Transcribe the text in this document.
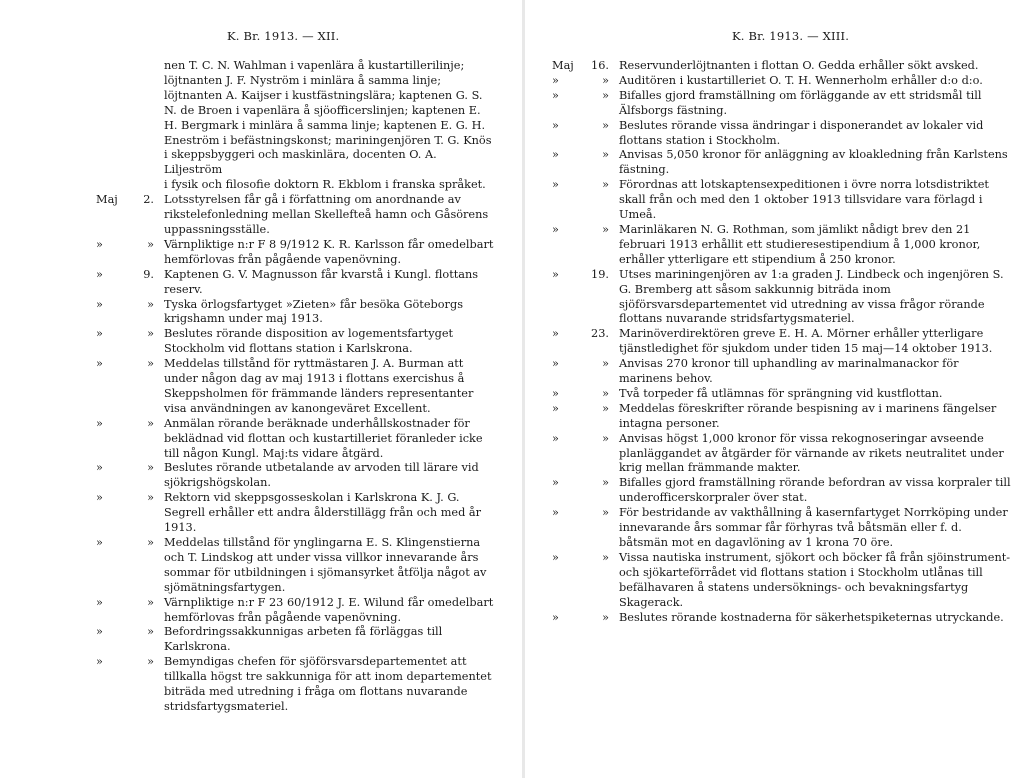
K. Br. 1913. — XII.
nen T. C. N. Wahlman i vapenlära å kustartillerilinje;
löjtnanten J. F. Nyström i minlära å samma linje;
löjtnanten A. Kaijser i kustfästningslära; kaptenen G. S.
N. de Broen i vapenlära å sjöofficerslinjen; kaptenen E.
H. Bergmark i minlära å samma linje; kaptenen E. G. H.
Eneström i befästningskonst; mariningenjören T. G. Knös
i skeppsbyggeri och maskinlära, docenten O. A. Liljeström
i fysik och filosofie doktorn R. Ekblom i franska språket.
Maj	2. Lotsstyrelsen får gå i författning om anordnande av rikstelefonledning mellan Skellefteå hamn och Gåsörens uppassningsställe.
»	» Värnpliktige n:r F 8 9/1912 K. R. Karlsson får omedelbart hemförlovas från pågående vapenövning.
»	9. Kaptenen G. V. Magnusson får kvarstå i Kungl. flottans reserv.
»	» Tyska örlogsfartyget »Zieten» får besöka Göteborgs krigshamn under maj 1913.
»	» Beslutes rörande disposition av logementsfartyget Stockholm vid flottans station i Karlskrona.
»	» Meddelas tillstånd för ryttmästaren J. A. Burman att under någon dag av maj 1913 i flottans exercishus å Skeppsholmen för främmande länders representanter visa användningen av kanongeväret Excellent.
»	» Anmälan rörande beräknade underhållskostnader för beklädnad vid flottan och kustartilleriet föranleder icke till någon Kungl. Maj:ts vidare åtgärd.
»	» Beslutes rörande utbetalande av arvoden till lärare vid sjökrigshögskolan.
»	» Rektorn vid skeppsgosseskolan i Karlskrona K. J. G. Segrell erhåller ett andra ålderstillägg från och med år 1913.
»	» Meddelas tillstånd för ynglingarna E. S. Klingenstierna och T. Lindskog att under vissa villkor innevarande års sommar för utbildningen i sjömansyrket åtfölja något av sjömätningsfartygen.
»	» Värnpliktige n:r F 23 60/1912 J. E. Wilund får omedelbart hemförlovas från pågående vapenövning.
»	» Befordringssakkunnigas arbeten få förläggas till Karlskrona.
»	» Bemyndigas chefen för sjöförsvarsdepartementet att tillkalla högst tre sakkunniga för att inom departementet biträda med utredning i fråga om flottans nuvarande stridsfartygsmateriel.
K. Br. 1913. — XIII.
Maj	16. Reservunderlöjtnanten i flottan O. Gedda erhåller sökt avsked.
»	» Auditören i kustartilleriet O. T. H. Wennerholm erhåller d:o d:o.
»	» Bifalles gjord framställning om förläggande av ett stridsmål till Älfsborgs fästning.
»	» Beslutes rörande vissa ändringar i disponerandet av lokaler vid flottans station i Stockholm.
»	» Anvisas 5,050 kronor för anläggning av kloakledning från Karlstens fästning.
»	» Förordnas att lotskaptensexpeditionen i övre norra lotsdistriktet skall från och med den 1 oktober 1913 tillsvidare vara förlagd i Umeå.
»	» Marinläkaren N. G. Rothman, som jämlikt nådigt brev den 21 februari 1913 erhållit ett studieresestipendium å 1,000 kronor, erhåller ytterligare ett stipendium å 250 kronor.
»	19. Utses mariningenjören av 1:a graden J. Lindbeck och ingenjören S. G. Bremberg att såsom sakkunnig biträda inom sjöförsvarsdepartementet vid utredning av vissa frågor rörande flottans nuvarande stridsfartygsmateriel.
»	23. Marinöverdirektören greve E. H. A. Mörner erhåller ytterligare tjänstledighet för sjukdom under tiden 15 maj—14 oktober 1913.
»	» Anvisas 270 kronor till uphandling av marinalmanackor för marinens behov.
»	» Två torpeder få utlämnas för sprängning vid kustflottan.
»	» Meddelas föreskrifter rörande bespisning av i marinens fängelser intagna personer.
»	» Anvisas högst 1,000 kronor för vissa rekognoseringar avseende planläggandet av åtgärder för värnande av rikets neutralitet under krig mellan främmande makter.
»	» Bifalles gjord framställning rörande befordran av vissa korpraler till underofficerskorpraler över stat.
»	» För bestridande av vakthållning å kasernfartyget Norrköping under innevarande års sommar får förhyras två båtsmän eller f. d. båtsmän mot en dagavlöning av 1 krona 70 öre.
»	» Vissa nautiska instrument, sjökort och böcker få från sjöinstrument- och sjökarteförrådet vid flottans station i Stockholm utlånas till befälhavaren å statens undersöknings- och bevakningsfartyg Skagerack.
»	» Beslutes rörande kostnaderna för säkerhetspiketernas utryckande.
